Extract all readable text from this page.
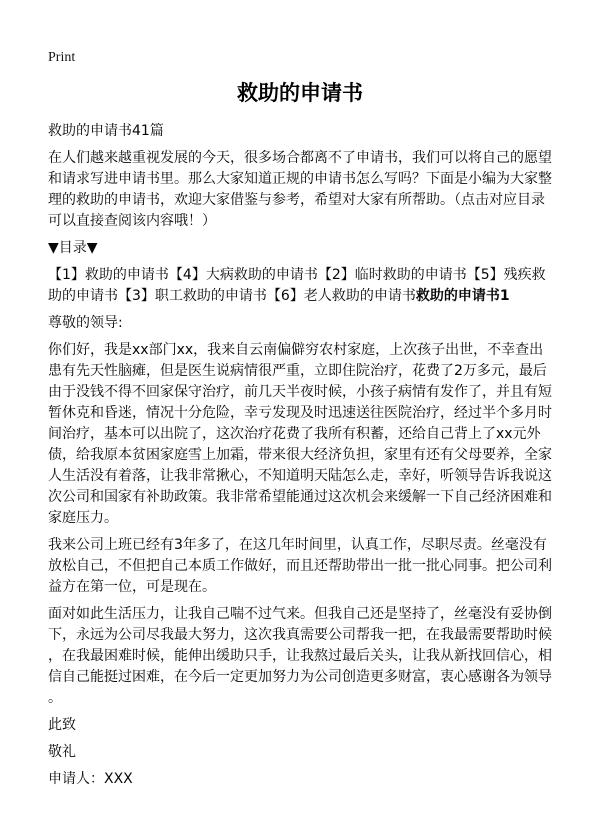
Print
救助的申请书

救助的申请书41篇

在人们越来越重视发展的今天，很多场合都离不了申请书，我们可以将自己的愿望和请求写进申请书里。那么大家知道正规的申请书怎么写吗？下面是小编为大家整理的救助的申请书，欢迎大家借鉴与参考，希望对大家有所帮助。（点击对应目录可以直接查阅该内容哦！）

▼目录▼

【1】救助的申请书【4】大病救助的申请书【2】临时救助的申请书【5】残疾救助的申请书【3】职工救助的申请书【6】老人救助的申请书救助的申请书1

尊敬的领导:

你们好，我是xx部门xx，我来自云南偏僻穷农村家庭，上次孩子出世，不幸查出患有先天性脑瘫，但是医生说病情很严重，立即住院治疗，花费了2万多元，最后由于没钱不得不回家保守治疗，前几天半夜时候，小孩子病情有发作了，并且有短暂休克和昏迷，情况十分危险，幸亏发现及时迅速送往医院治疗，经过半个多月时间治疗，基本可以出院了，这次治疗花费了我所有积蓄，还给自己背上了xx元外债，给我原本贫困家庭雪上加霜，带来很大经济负担，家里有还有父母要养，全家人生活没有着落，让我非常揪心，不知道明天陆怎么走，幸好，听领导告诉我说这次公司和国家有补助政策。我非常希望能通过这次机会来缓解一下自己经济困难和家庭压力。

我来公司上班已经有3年多了，在这几年时间里，认真工作，尽职尽责。丝毫没有放松自己，不但把自己本质工作做好，而且还帮助带出一批一批心同事。把公司利益方在第一位，可是现在。

面对如此生活压力，让我自己喘不过气来。但我自己还是坚持了，丝毫没有妥协倒下，永远为公司尽我最大努力，这次我真需要公司帮我一把，在我最需要帮助时候，在我最困难时候，能伸出缓助只手，让我熬过最后关头，让我从新找回信心，相信自己能挺过困难，在今后一定更加努力为公司创造更多财富，衷心感谢各为领导。

此致

敬礼

申请人：XXX
